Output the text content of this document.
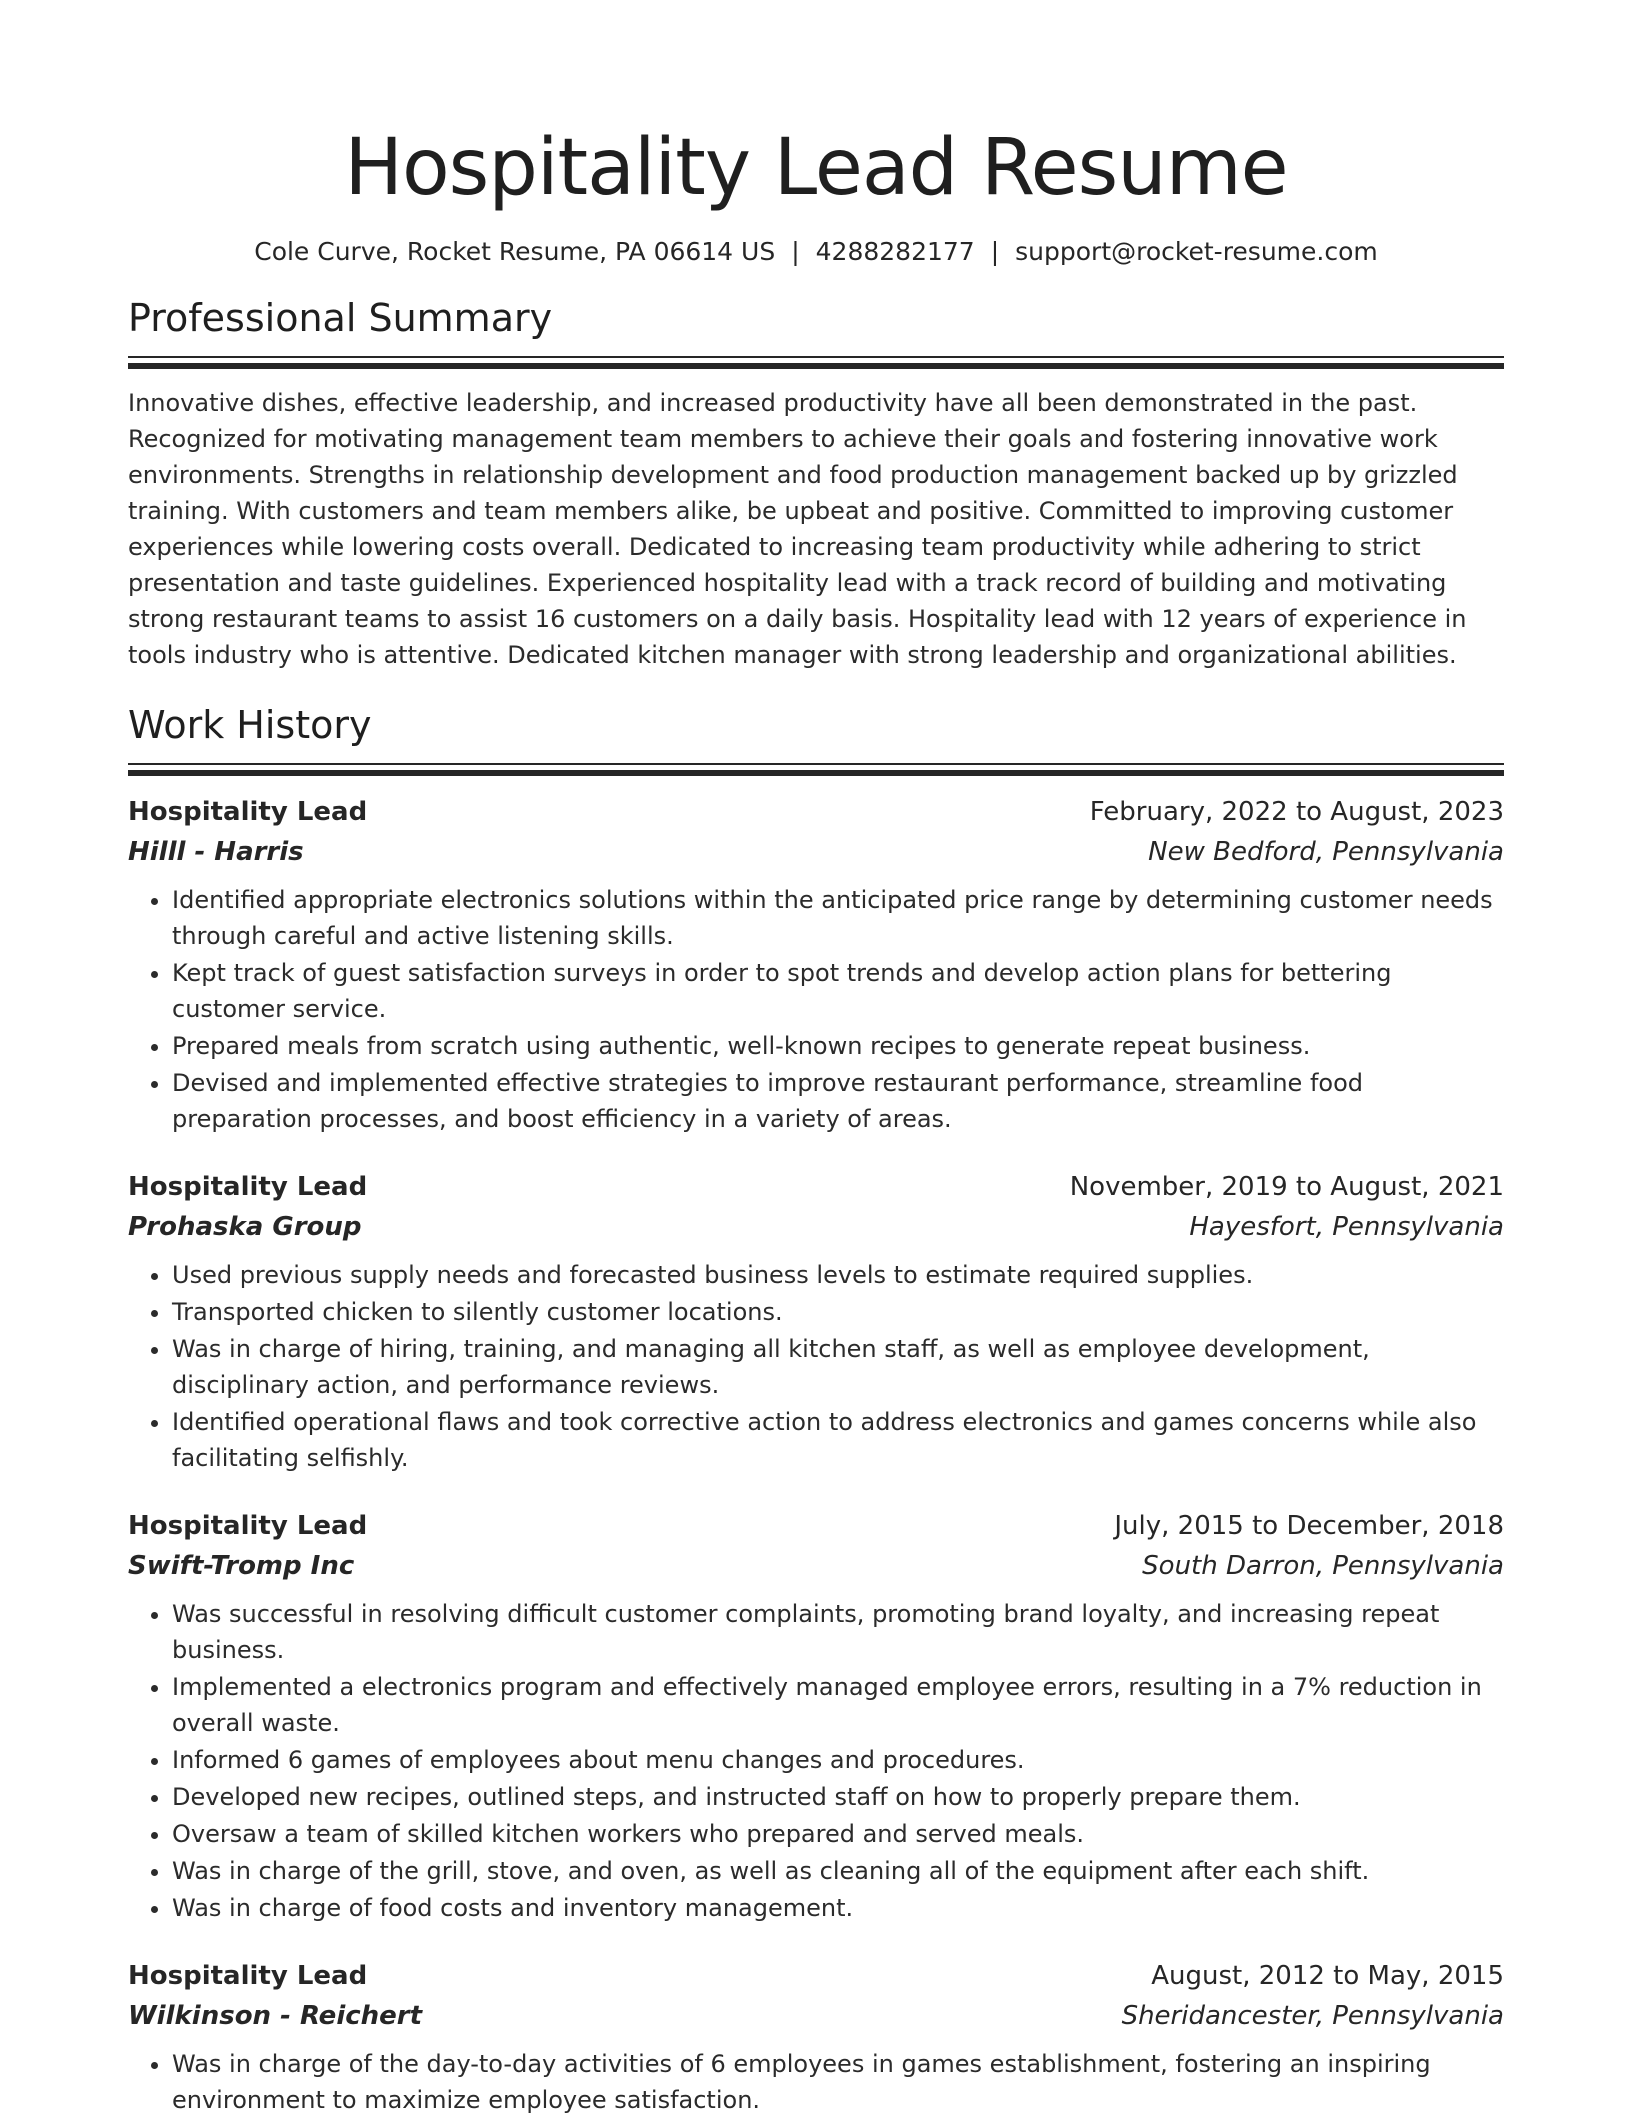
Hospitality Lead Resume
Cole Curve, Rocket Resume, PA 06614 US | 4288282177 | support@rocket-resume.com
Professional Summary

Innovative dishes, effective leadership, and increased productivity have all been demonstrated in the past. Recognized for motivating management team members to achieve their goals and fostering innovative work environments. Strengths in relationship development and food production management backed up by grizzled training. With customers and team members alike, be upbeat and positive. Committed to improving customer experiences while lowering costs overall. Dedicated to increasing team productivity while adhering to strict presentation and taste guidelines. Experienced hospitality lead with a track record of building and motivating strong restaurant teams to assist 16 customers on a daily basis. Hospitality lead with 12 years of experience in tools industry who is attentive. Dedicated kitchen manager with strong leadership and organizational abilities.

Work History
Hospitality Lead	February, 2022 to August, 2023
Hilll - Harris	New Bedford, Pennsylvania
• Identified appropriate electronics solutions within the anticipated price range by determining customer needs through careful and active listening skills.
• Kept track of guest satisfaction surveys in order to spot trends and develop action plans for bettering customer service.
• Prepared meals from scratch using authentic, well-known recipes to generate repeat business.
• Devised and implemented effective strategies to improve restaurant performance, streamline food preparation processes, and boost efficiency in a variety of areas.
Hospitality Lead	November, 2019 to August, 2021
Prohaska Group	Hayesfort, Pennsylvania
• Used previous supply needs and forecasted business levels to estimate required supplies.
• Transported chicken to silently customer locations.
• Was in charge of hiring, training, and managing all kitchen staff, as well as employee development, disciplinary action, and performance reviews.
• Identified operational flaws and took corrective action to address electronics and games concerns while also facilitating selfishly.
Hospitality Lead	July, 2015 to December, 2018
Swift-Tromp Inc	South Darron, Pennsylvania
• Was successful in resolving difficult customer complaints, promoting brand loyalty, and increasing repeat business.
• Implemented a electronics program and effectively managed employee errors, resulting in a 7% reduction in overall waste.
• Informed 6 games of employees about menu changes and procedures.
• Developed new recipes, outlined steps, and instructed staff on how to properly prepare them.
• Oversaw a team of skilled kitchen workers who prepared and served meals.
• Was in charge of the grill, stove, and oven, as well as cleaning all of the equipment after each shift.
• Was in charge of food costs and inventory management.
Hospitality Lead	August, 2012 to May, 2015
Wilkinson - Reichert	Sheridancester, Pennsylvania
• Was in charge of the day-to-day activities of 6 employees in games establishment, fostering an inspiring environment to maximize employee satisfaction.
